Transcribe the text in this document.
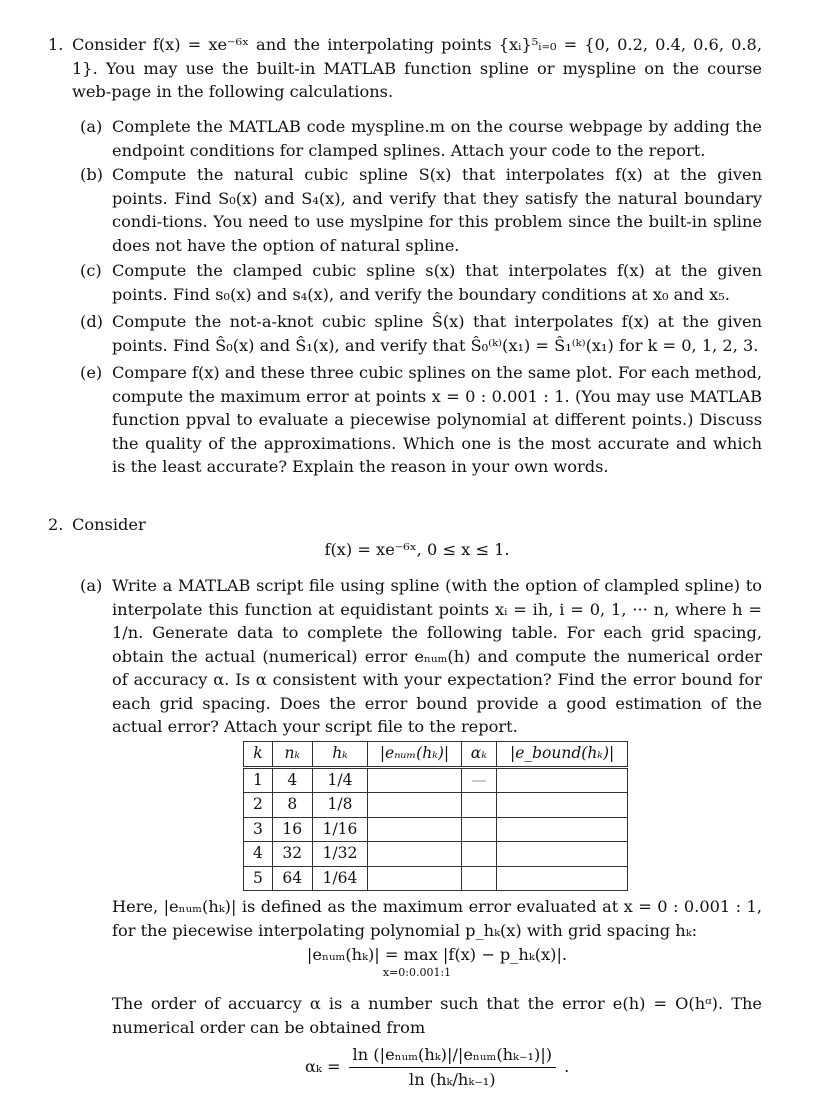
1. Consider f(x) = xe⁻⁶ˣ and the interpolating points {xᵢ}⁵ᵢ₌₀ = {0, 0.2, 0.4, 0.6, 0.8, 1}. You may use the built-in MATLAB function spline or myspline on the course web-page in the following calculations.
(a) Complete the MATLAB code myspline.m on the course webpage by adding the endpoint conditions for clamped splines. Attach your code to the report.
(b) Compute the natural cubic spline S(x) that interpolates f(x) at the given points. Find S₀(x) and S₄(x), and verify that they satisfy the natural boundary condi-tions. You need to use myslpine for this problem since the built-in spline does not have the option of natural spline.
(c) Compute the clamped cubic spline s(x) that interpolates f(x) at the given points. Find s₀(x) and s₄(x), and verify the boundary conditions at x₀ and x₅.
(d) Compute the not-a-knot cubic spline Ŝ(x) that interpolates f(x) at the given points. Find Ŝ₀(x) and Ŝ₁(x), and verify that Ŝ₀⁽ᵏ⁾(x₁) = Ŝ₁⁽ᵏ⁾(x₁) for k = 0, 1, 2, 3.
(e) Compare f(x) and these three cubic splines on the same plot. For each method, compute the maximum error at points x = 0 : 0.001 : 1. (You may use MATLAB function ppval to evaluate a piecewise polynomial at different points.) Discuss the quality of the approximations. Which one is the most accurate and which is the least accurate? Explain the reason in your own words.
2. Consider
f(x) = xe⁻⁶ˣ, 0 ≤ x ≤ 1.
(a) Write a MATLAB script file using spline (with the option of clampled spline) to interpolate this function at equidistant points xᵢ = ih, i = 0, 1, ··· n, where h = 1/n. Generate data to complete the following table. For each grid spacing, obtain the actual (numerical) error eₙᵤₘ(h) and compute the numerical order of accuracy α. Is α consistent with your expectation? Find the error bound for each grid spacing. Does the error bound provide a good estimation of the actual error? Attach your script file to the report.
k	nₖ	hₖ	|eₙᵤₘ(hₖ)|	αₖ	|e_bound(hₖ)|
1	4	1/4		—	
2	8	1/8			
3	16	1/16			
4	32	1/32			
5	64	1/64			
Here, |eₙᵤₘ(hₖ)| is defined as the maximum error evaluated at x = 0 : 0.001 : 1, for the piecewise interpolating polynomial p_hₖ(x) with grid spacing hₖ:
|eₙᵤₘ(hₖ)| = max |f(x) − p_hₖ(x)|.
x=0:0.001:1
The order of accuarcy α is a number such that the error e(h) = O(hᵅ). The numerical order can be obtained from
αₖ =
ln (|eₙᵤₘ(hₖ)|/|eₙᵤₘ(hₖ₋₁)|)
ln (hₖ/hₖ₋₁)
.
